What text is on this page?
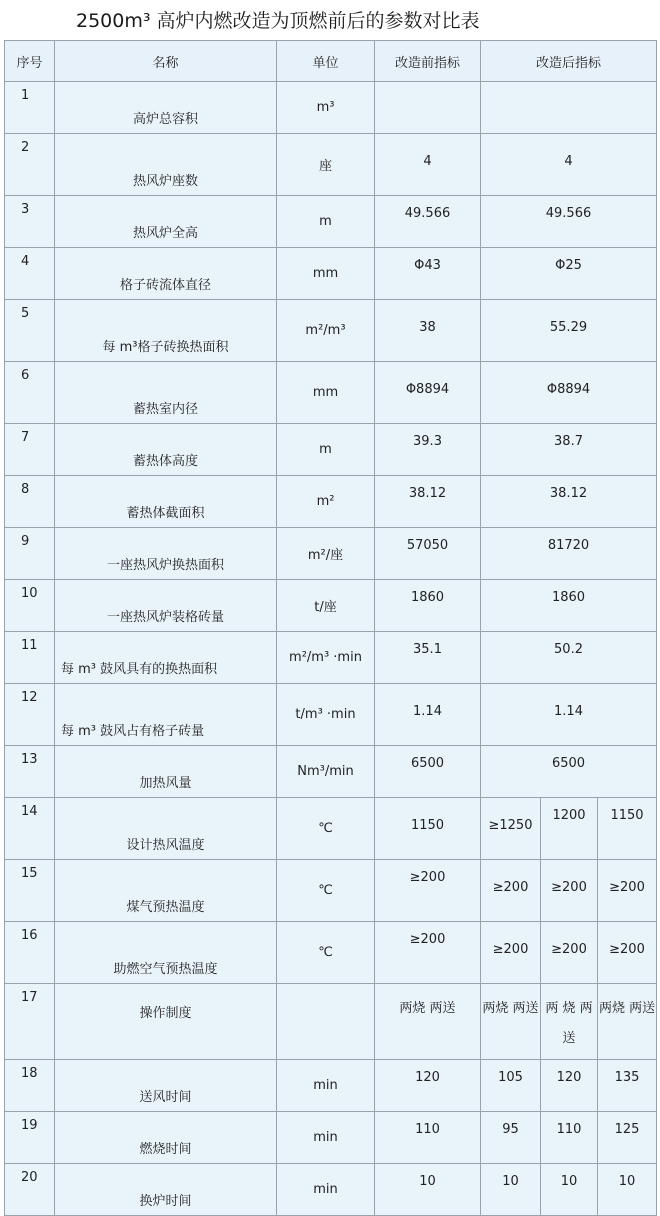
2500m³ 高炉内燃改造为顶燃前后的参数对比表
序号	名称	单位	改造前指标	改造后指标		
1	高炉总容积	m³				
2	热风炉座数	座	4	4		
3	热风炉全高	m	49.566	49.566		
4	格子砖流体直径	mm	Φ43	Φ25		
5	每 m³格子砖换热面积	m²/m³	38	55.29		
6	蓄热室内径	mm	Φ8894	Φ8894		
7	蓄热体高度	m	39.3	38.7		
8	蓄热体截面积	m²	38.12	38.12		
9	一座热风炉换热面积	m²/座	57050	81720		
10	一座热风炉装格砖量	t/座	1860	1860		
11	每 m³ 鼓风具有的换热面积	m²/m³ ·min	35.1	50.2		
12	每 m³ 鼓风占有格子砖量	t/m³ ·min	1.14	1.14		
13	加热风量	Nm³/min	6500	6500		
14	设计热风温度	℃	1150	≥1250	1200	1150
15	煤气预热温度	℃	≥200	≥200	≥200	≥200
16	助燃空气预热温度	℃	≥200	≥200	≥200	≥200
17	操作制度		两烧 两送	两烧 两送	两 烧 两送	两烧 两送
18	送风时间	min	120	105	120	135
19	燃烧时间	min	110	95	110	125
20	换炉时间	min	10	10	10	10
